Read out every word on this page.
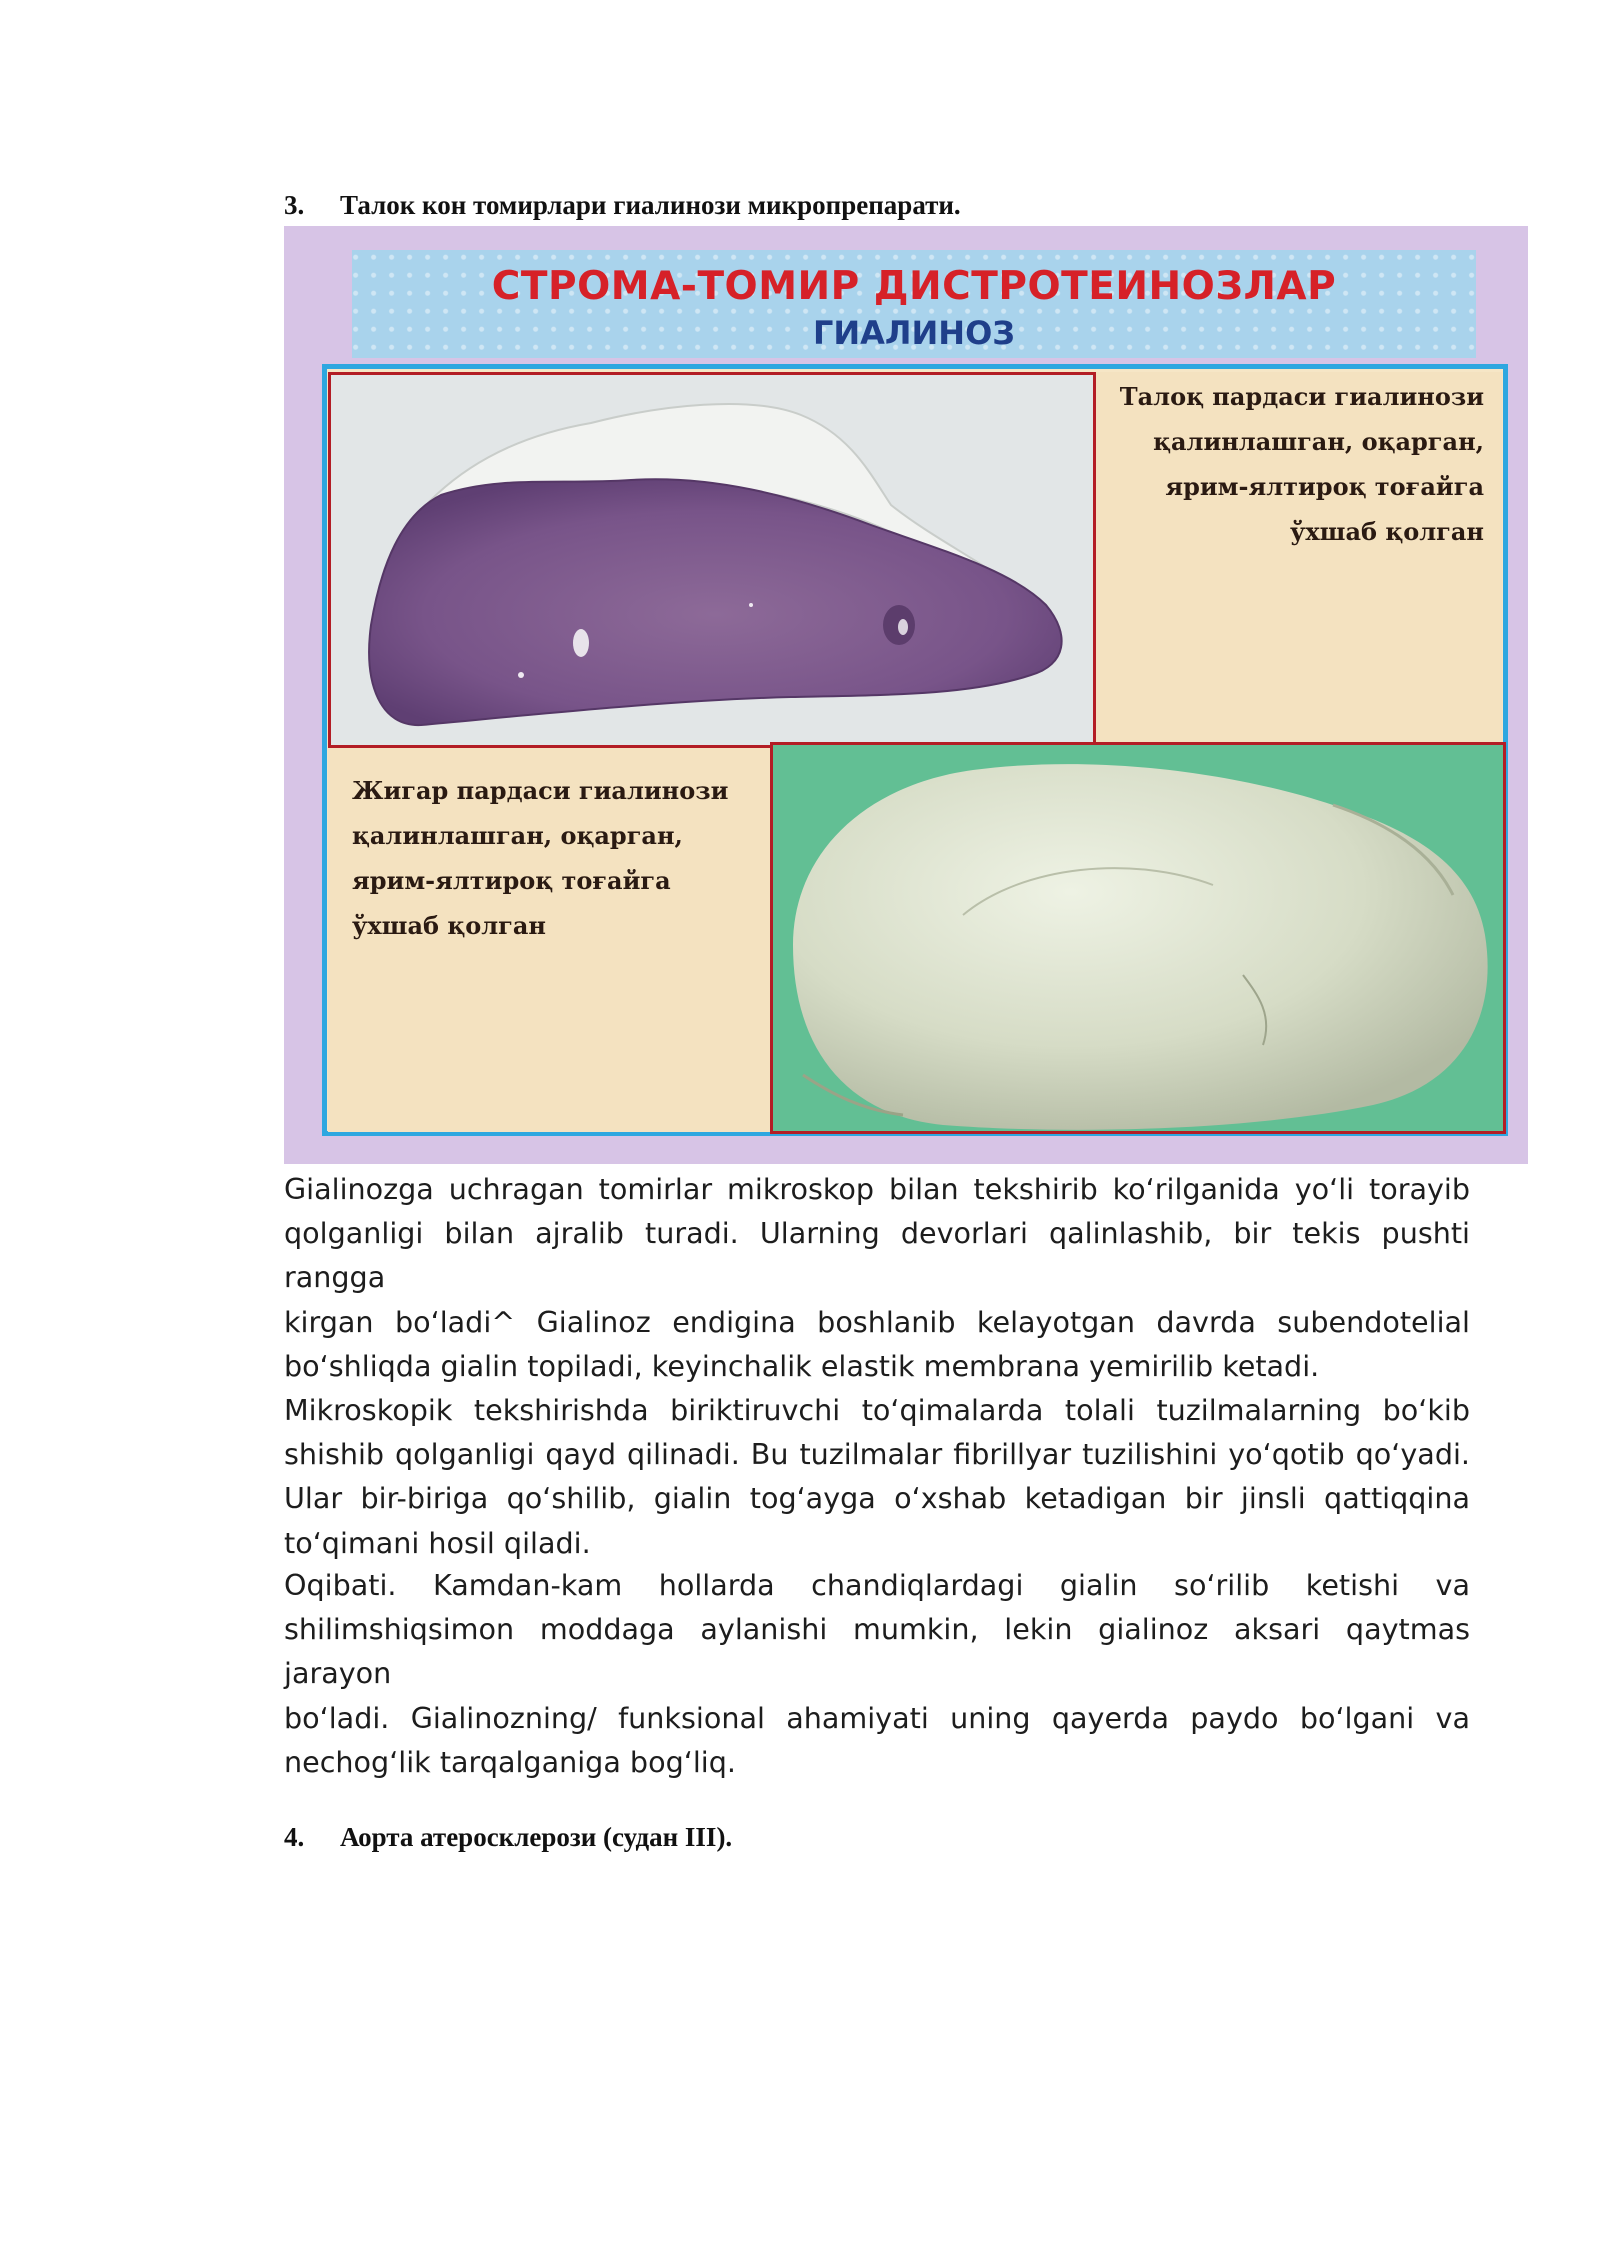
3. Талок кон томирлари гиалинози микропрепарати.
СТРОМА-ТОМИР ДИСТРОТЕИНОЗЛАР
ГИАЛИНОЗ
Талоқ пардаси гиалинози
қалинлашган, оқарган,
ярим-ялтироқ тоғайга
ўхшаб қолган
Жигар пардаси гиалинози
қалинлашган, оқарган,
ярим-ялтироқ тоғайга
ўхшаб қолган

Gialinozga uchragan tomirlar mikroskop bilan tekshirib koʻrilganida yoʻli torayib

qolganligi bilan ajralib turadi. Ularning devorlari qalinlashib, bir tekis pushti rangga

kirgan boʻladi^ Gialinoz endigina boshlanib kelayotgan davrda subendotelial

boʻshliqda gialin topiladi, keyinchalik elastik membrana yemirilib ketadi.

Mikroskopik tekshirishda biriktiruvchi toʻqimalarda tolali tuzilmalarning boʻkib

shishib qolganligi qayd qilinadi. Bu tuzilmalar fibrillyar tuzilishini yoʻqotib qoʻyadi.

Ular bir-biriga qoʻshilib, gialin togʻayga oʻxshab ketadigan bir jinsli qattiqqina

toʻqimani hosil qiladi.

Oqibati. Kamdan-kam hollarda chandiqlardagi gialin soʻrilib ketishi va

shilimshiqsimon moddaga aylanishi mumkin, lekin gialinoz aksari qaytmas jarayon

boʻladi. Gialinozning/ funksional ahamiyati uning qayerda paydo boʻlgani va

nechogʻlik tarqalganiga bogʻliq.

4. Аорта атеросклерози (судан III).
